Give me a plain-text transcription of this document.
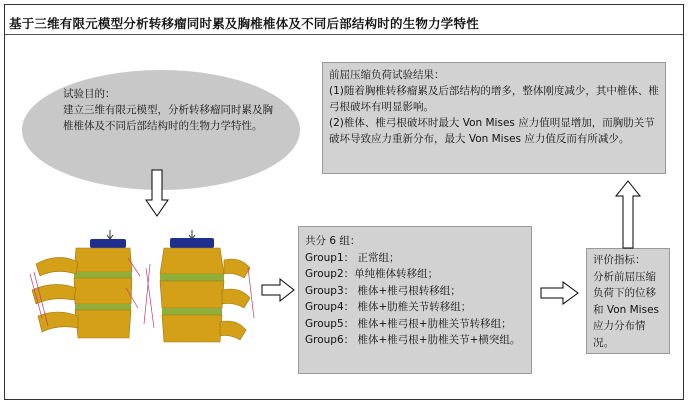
基于三维有限元模型分析转移瘤同时累及胸椎椎体及不同后部结构时的生物力学特性
试验目的：
建立三维有限元模型，分析转移瘤同时累及胸椎椎体及不同后部结构时的生物力学特性。
前屈压缩负荷试验结果：
(1)随着胸椎转移瘤累及后部结构的增多，整体刚度减少，其中椎体、椎弓根破坏有明显影响。
(2)椎体、椎弓根破坏时最大 Von Mises 应力值明显增加，而胸肋关节破坏导致应力重新分布，最大 Von Mises 应力值反而有所减少。
共分 6 组：
Group1： 正常组；
Group2：单纯椎体转移组；
Group3： 椎体+椎弓根转移组；
Group4： 椎体+肋椎关节转移组；
Group5： 椎体+椎弓根+肋椎关节转移组；
Group6： 椎体+椎弓根+肋椎关节+横突组。
评价指标：
分析前屈压缩负荷下的位移和 Von Mises 应力分布情况。
